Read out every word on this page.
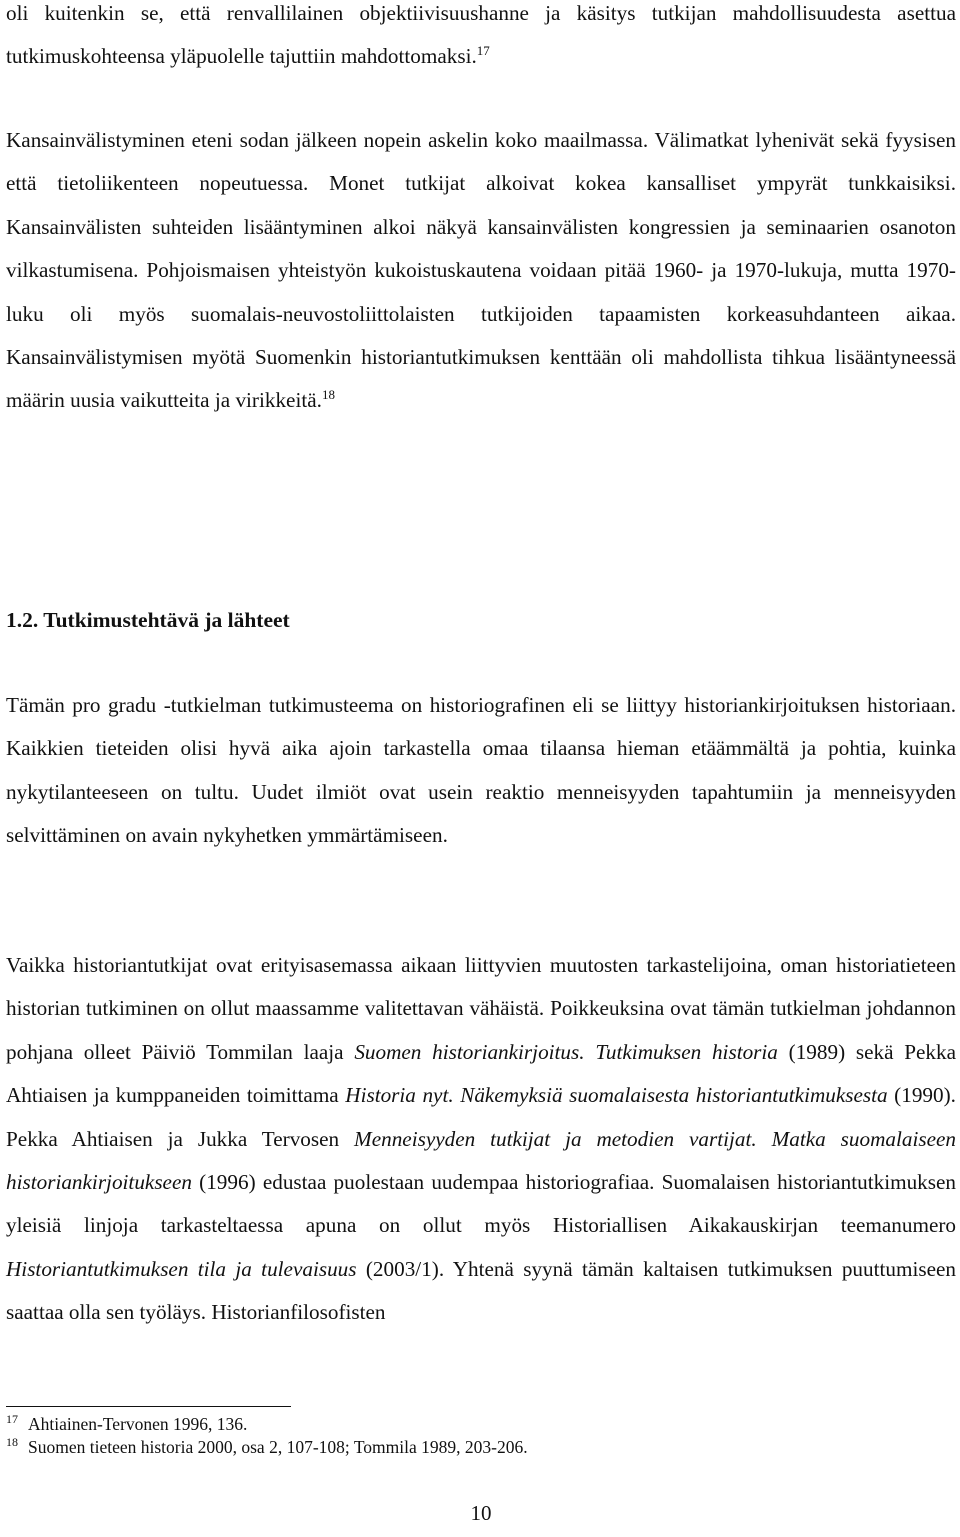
oli kuitenkin se, että renvallilainen objektiivisuushanne ja käsitys tutkijan mahdollisuudesta asettua tutkimuskohteensa yläpuolelle tajuttiin mahdottomaksi.$^{17}$

Kansainvälistyminen eteni sodan jälkeen nopein askelin koko maailmassa. Välimatkat lyhenivät sekä fyysisen että tietoliikenteen nopeutuessa. Monet tutkijat alkoivat kokea kansalliset ympyrät tunkkaisiksi. Kansainvälisten suhteiden lisääntyminen alkoi näkyä kansainvälisten kongressien ja seminaarien osanoton vilkastumisena. Pohjoismaisen yhteistyön kukoistuskautena voidaan pitää 1960- ja 1970-lukuja, mutta 1970-luku oli myös suomalais-neuvostoliittolaisten tutkijoiden tapaamisten korkeasuhdanteen aikaa. Kansainvälistymisen myötä Suomenkin historiantutkimuksen kenttään oli mahdollista tihkua lisääntyneessä määrin uusia vaikutteita ja virikkeitä.$^{18}$

1.2. Tutkimustehtävä ja lähteet

Tämän pro gradu -tutkielman tutkimusteema on historiografinen eli se liittyy historiankirjoituksen historiaan. Kaikkien tieteiden olisi hyvä aika ajoin tarkastella omaa tilaansa hieman etäämmältä ja pohtia, kuinka nykytilanteeseen on tultu. Uudet ilmiöt ovat usein reaktio menneisyyden tapahtumiin ja menneisyyden selvittäminen on avain nykyhetken ymmärtämiseen.

Vaikka historiantutkijat ovat erityisasemassa aikaan liittyvien muutosten tarkastelijoina, oman historiatieteen historian tutkiminen on ollut maassamme valitettavan vähäistä. Poikkeuksina ovat tämän tutkielman johdannon pohjana olleet Päiviö Tommilan laaja Suomen historiankirjoitus. Tutkimuksen historia (1989) sekä Pekka Ahtiaisen ja kumppaneiden toimittama Historia nyt. Näkemyksiä suomalaisesta historiantutkimuksesta (1990). Pekka Ahtiaisen ja Jukka Tervosen Menneisyyden tutkijat ja metodien vartijat. Matka suomalaiseen historiankirjoitukseen (1996) edustaa puolestaan uudempaa historiografiaa. Suomalaisen historiantutkimuksen yleisiä linjoja tarkasteltaessa apuna on ollut myös Historiallisen Aikakauskirjan teemanumero Historiantutkimuksen tila ja tulevaisuus (2003/1). Yhtenä syynä tämän kaltaisen tutkimuksen puuttumiseen saattaa olla sen työläys. Historianfilosofisten

17 Ahtiainen-Tervonen 1996, 136.

18 Suomen tieteen historia 2000, osa 2, 107-108; Tommila 1989, 203-206.

10
